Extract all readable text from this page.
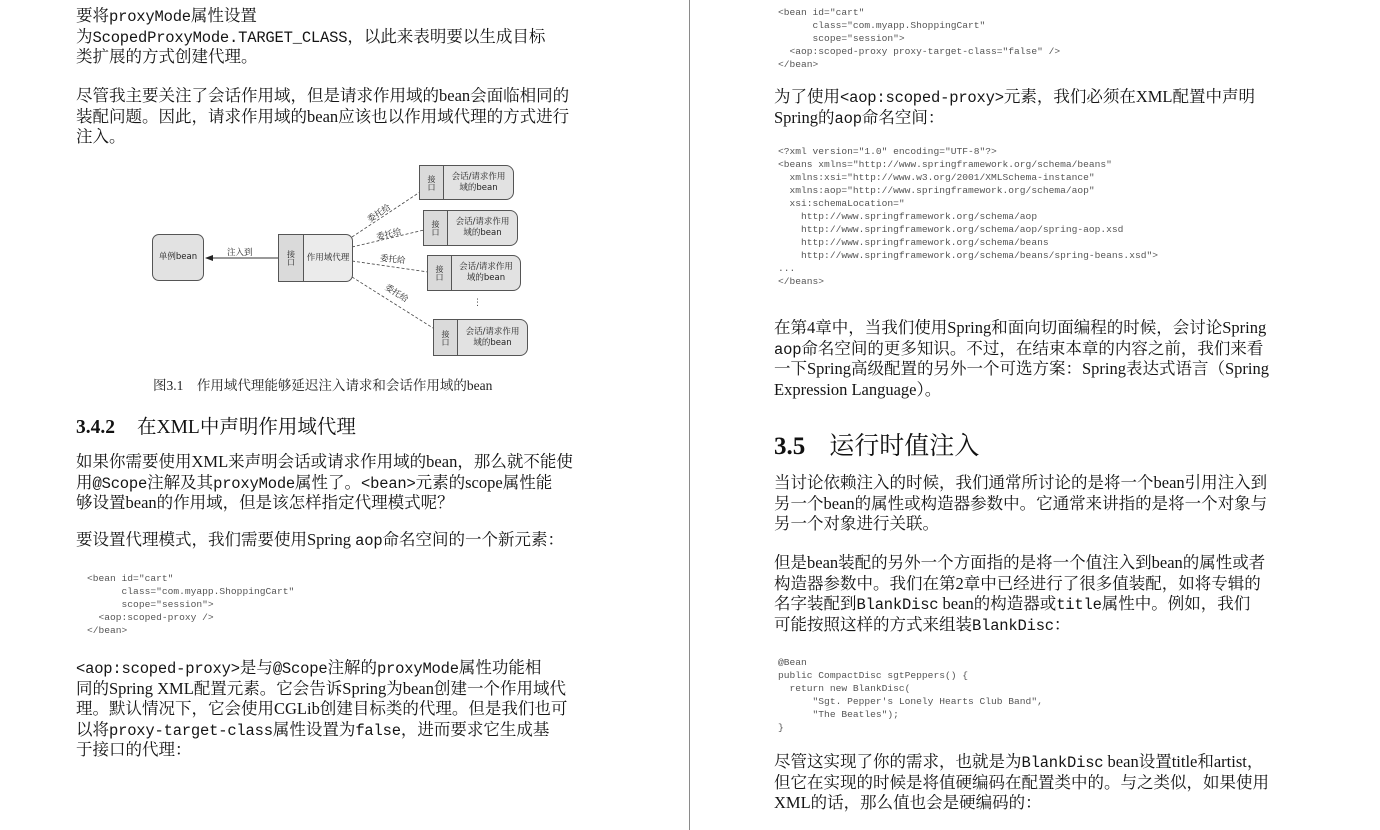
要将proxyMode属性设置
为ScopedProxyMode.TARGET_CLASS，以此来表明要以生成目标
类扩展的方式创建代理。
尽管我主要关注了会话作用域，但是请求作用域的bean会面临相同的
装配问题。因此，请求作用域的bean应该也以作用域代理的方式进行
注入。
单例bean	注入到	接口 作用域代理
委托给
委托给
委托给
委托给
接口 会话/请求作用
域的bean
接口 会话/请求作用
域的bean
接口 会话/请求作用
域的bean
⋮
接口 会话/请求作用
域的bean
图3.1　作用域代理能够延迟注入请求和会话作用域的bean
3.4.2 在XML中声明作用域代理
如果你需要使用XML来声明会话或请求作用域的bean，那么就不能使
用@Scope注解及其proxyMode属性了。<bean>元素的scope属性能
够设置bean的作用域，但是该怎样指定代理模式呢？
要设置代理模式，我们需要使用Spring aop命名空间的一个新元素：
<bean id="cart"
class="com.myapp.ShoppingCart"
scope="session">
<aop:scoped-proxy />
</bean>
<aop:scoped-proxy>是与@Scope注解的proxyMode属性功能相
同的Spring XML配置元素。它会告诉Spring为bean创建一个作用域代
理。默认情况下，它会使用CGLib创建目标类的代理。但是我们也可
以将proxy-target-class属性设置为false，进而要求它生成基
于接口的代理：
<bean id="cart"
class="com.myapp.ShoppingCart"
scope="session">
<aop:scoped-proxy proxy-target-class="false" />
</bean>
为了使用<aop:scoped-proxy>元素，我们必须在XML配置中声明
Spring的aop命名空间：
<?xml version="1.0" encoding="UTF-8"?>
<beans xmlns="http://www.springframework.org/schema/beans"
xmlns:xsi="http://www.w3.org/2001/XMLSchema-instance"
xmlns:aop="http://www.springframework.org/schema/aop"
xsi:schemaLocation="
http://www.springframework.org/schema/aop
http://www.springframework.org/schema/aop/spring-aop.xsd
http://www.springframework.org/schema/beans
http://www.springframework.org/schema/beans/spring-beans.xsd">
...
</beans>
在第4章中，当我们使用Spring和面向切面编程的时候，会讨论Spring
aop命名空间的更多知识。不过，在结束本章的内容之前，我们来看
一下Spring高级配置的另外一个可选方案：Spring表达式语言（Spring
Expression Language）。
3.5 运行时值注入
当讨论依赖注入的时候，我们通常所讨论的是将一个bean引用注入到
另一个bean的属性或构造器参数中。它通常来讲指的是将一个对象与
另一个对象进行关联。
但是bean装配的另外一个方面指的是将一个值注入到bean的属性或者
构造器参数中。我们在第2章中已经进行了很多值装配，如将专辑的
名字装配到BlankDisc bean的构造器或title属性中。例如，我们
可能按照这样的方式来组装BlankDisc：
@Bean
public CompactDisc sgtPeppers() {
return new BlankDisc(
"Sgt. Pepper's Lonely Hearts Club Band",
"The Beatles");
}
尽管这实现了你的需求，也就是为BlankDisc bean设置title和artist，
但它在实现的时候是将值硬编码在配置类中的。与之类似，如果使用
XML的话，那么值也会是硬编码的：
